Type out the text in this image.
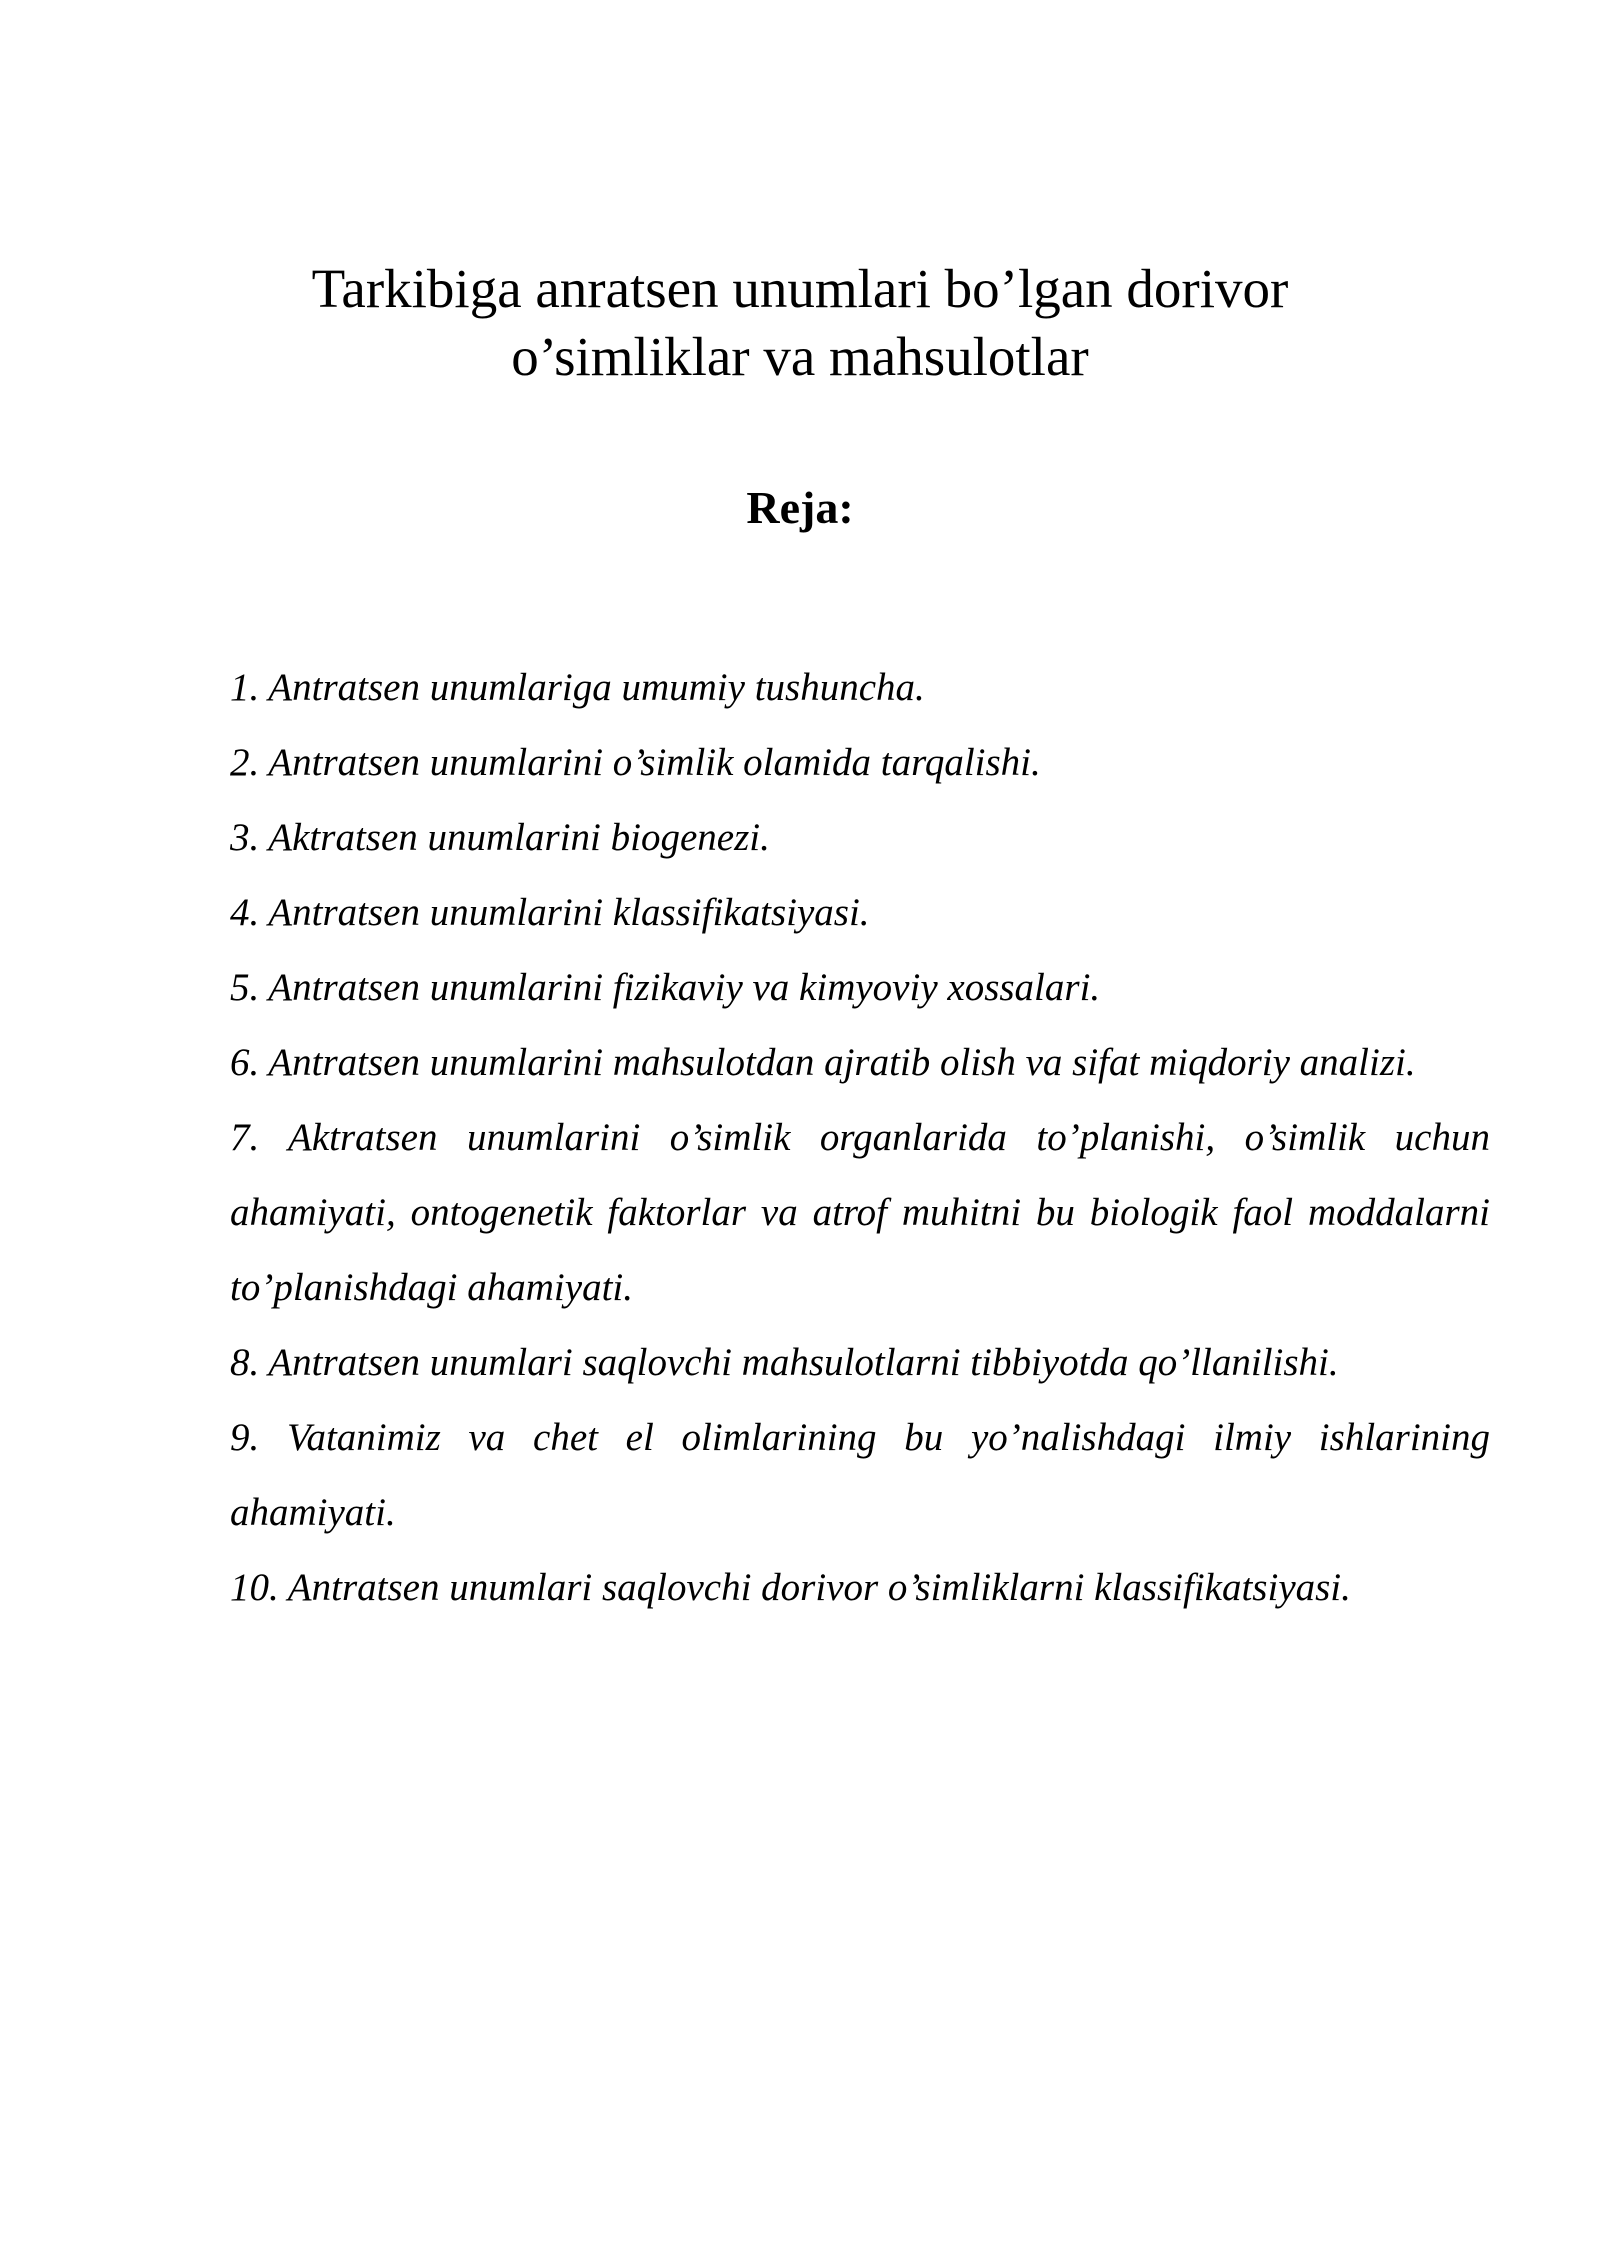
Tarkibiga anratsen unumlari bo’lgan dorivor
o’simliklar va mahsulotlar
Reja:
1. Antratsen unumlariga umumiy tushuncha.
2. Antratsen unumlarini o’simlik olamida tarqalishi.
3. Aktratsen unumlarini biogenezi.
4. Antratsen unumlarini klassifikatsiyasi.
5. Antratsen unumlarini fizikaviy va kimyoviy xossalari.
6. Antratsen unumlarini mahsulotdan ajratib olish va sifat miqdoriy analizi.
7. Aktratsen unumlarini o’simlik organlarida to’planishi, o’simlik uchun ahamiyati, ontogenetik faktorlar va atrof muhitni bu biologik faol moddalarni to’planishdagi ahamiyati.
8. Antratsen unumlari saqlovchi mahsulotlarni tibbiyotda qo’llanilishi.
9. Vatanimiz va chet el olimlarining bu yo’nalishdagi ilmiy ishlarining ahamiyati.
10. Antratsen unumlari saqlovchi dorivor o’simliklarni klassifikatsiyasi.
